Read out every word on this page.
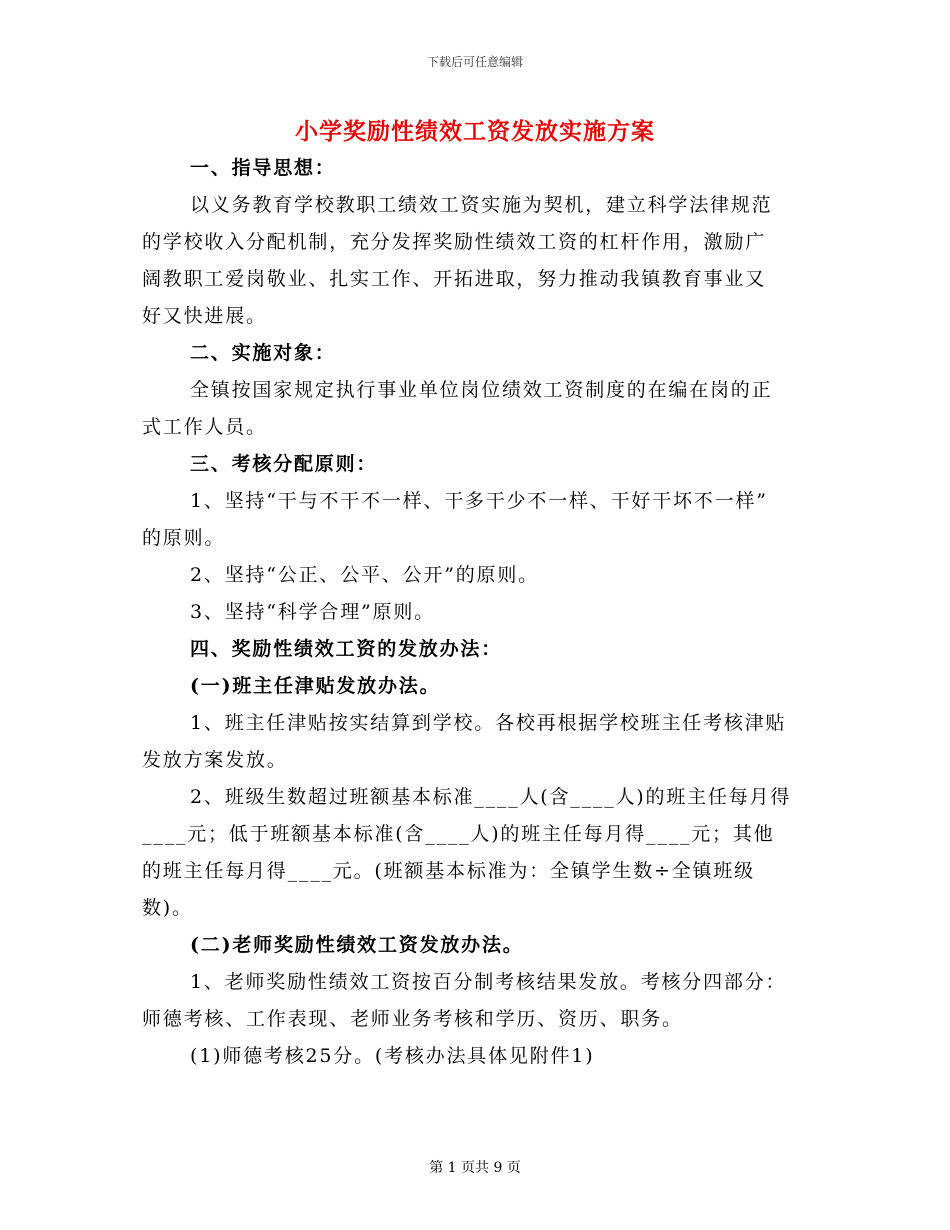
下载后可任意编辑
小学奖励性绩效工资发放实施方案
一、指导思想：
以义务教育学校教职工绩效工资实施为契机，建立科学法律规范
的学校收入分配机制，充分发挥奖励性绩效工资的杠杆作用，激励广
阔教职工爱岗敬业、扎实工作、开拓进取，努力推动我镇教育事业又
好又快进展。
二、实施对象：
全镇按国家规定执行事业单位岗位绩效工资制度的在编在岗的正
式工作人员。
三、考核分配原则：
1、坚持“干与不干不一样、干多干少不一样、干好干坏不一样”
的原则。
2、坚持“公正、公平、公开”的原则。
3、坚持“科学合理”原则。
四、奖励性绩效工资的发放办法：
(一)班主任津贴发放办法。
1、班主任津贴按实结算到学校。各校再根据学校班主任考核津贴
发放方案发放。
2、班级生数超过班额基本标准____人(含____人)的班主任每月得
____元；低于班额基本标准(含____人)的班主任每月得____元；其他
的班主任每月得____元。(班额基本标准为：全镇学生数÷全镇班级
数)。
(二)老师奖励性绩效工资发放办法。
1、老师奖励性绩效工资按百分制考核结果发放。考核分四部分：
师德考核、工作表现、老师业务考核和学历、资历、职务。
(1)师德考核25分。(考核办法具体见附件1)
第 1 页共 9 页
